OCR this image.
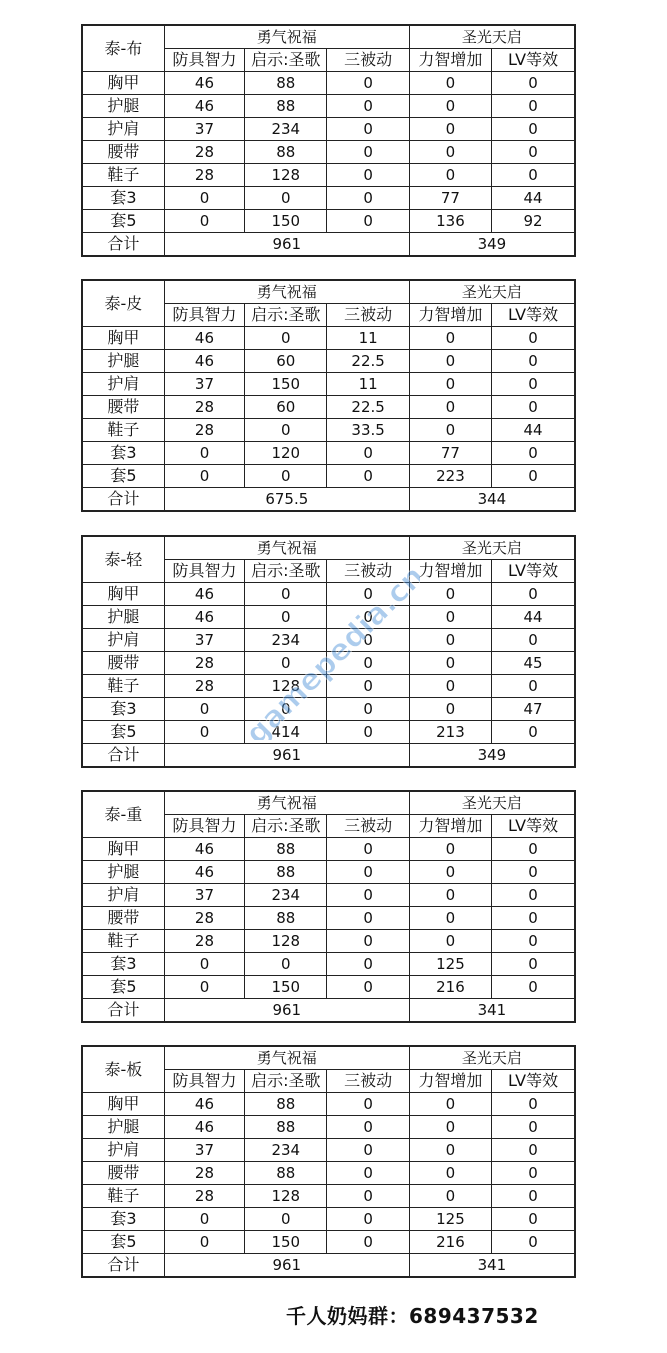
泰-布	勇气祝福			圣光天启	
	防具智力	启示:圣歌	三被动	力智增加	LV等效
胸甲	46	88	0	0	0
护腿	46	88	0	0	0
护肩	37	234	0	0	0
腰带	28	88	0	0	0
鞋子	28	128	0	0	0
套3	0	0	0	77	44
套5	0	150	0	136	92
合计	961			349	
泰-皮	勇气祝福			圣光天启	
	防具智力	启示:圣歌	三被动	力智增加	LV等效
胸甲	46	0	11	0	0
护腿	46	60	22.5	0	0
护肩	37	150	11	0	0
腰带	28	60	22.5	0	0
鞋子	28	0	33.5	0	44
套3	0	120	0	77	0
套5	0	0	0	223	0
合计	675.5			344	
泰-轻	勇气祝福			圣光天启	
	防具智力	启示:圣歌	三被动	力智增加	LV等效
胸甲	46	0	0	0	0
护腿	46	0	0	0	44
护肩	37	234	0	0	0
腰带	28	0	0	0	45
鞋子	28	128	0	0	0
套3	0	0	0	0	47
套5	0	414	0	213	0
合计	961			349	
泰-重	勇气祝福			圣光天启	
	防具智力	启示:圣歌	三被动	力智增加	LV等效
胸甲	46	88	0	0	0
护腿	46	88	0	0	0
护肩	37	234	0	0	0
腰带	28	88	0	0	0
鞋子	28	128	0	0	0
套3	0	0	0	125	0
套5	0	150	0	216	0
合计	961			341	
泰-板	勇气祝福			圣光天启	
	防具智力	启示:圣歌	三被动	力智增加	LV等效
胸甲	46	88	0	0	0
护腿	46	88	0	0	0
护肩	37	234	0	0	0
腰带	28	88	0	0	0
鞋子	28	128	0	0	0
套3	0	0	0	125	0
套5	0	150	0	216	0
合计	961			341	
gamepedia.cn
千人奶妈群：689437532
